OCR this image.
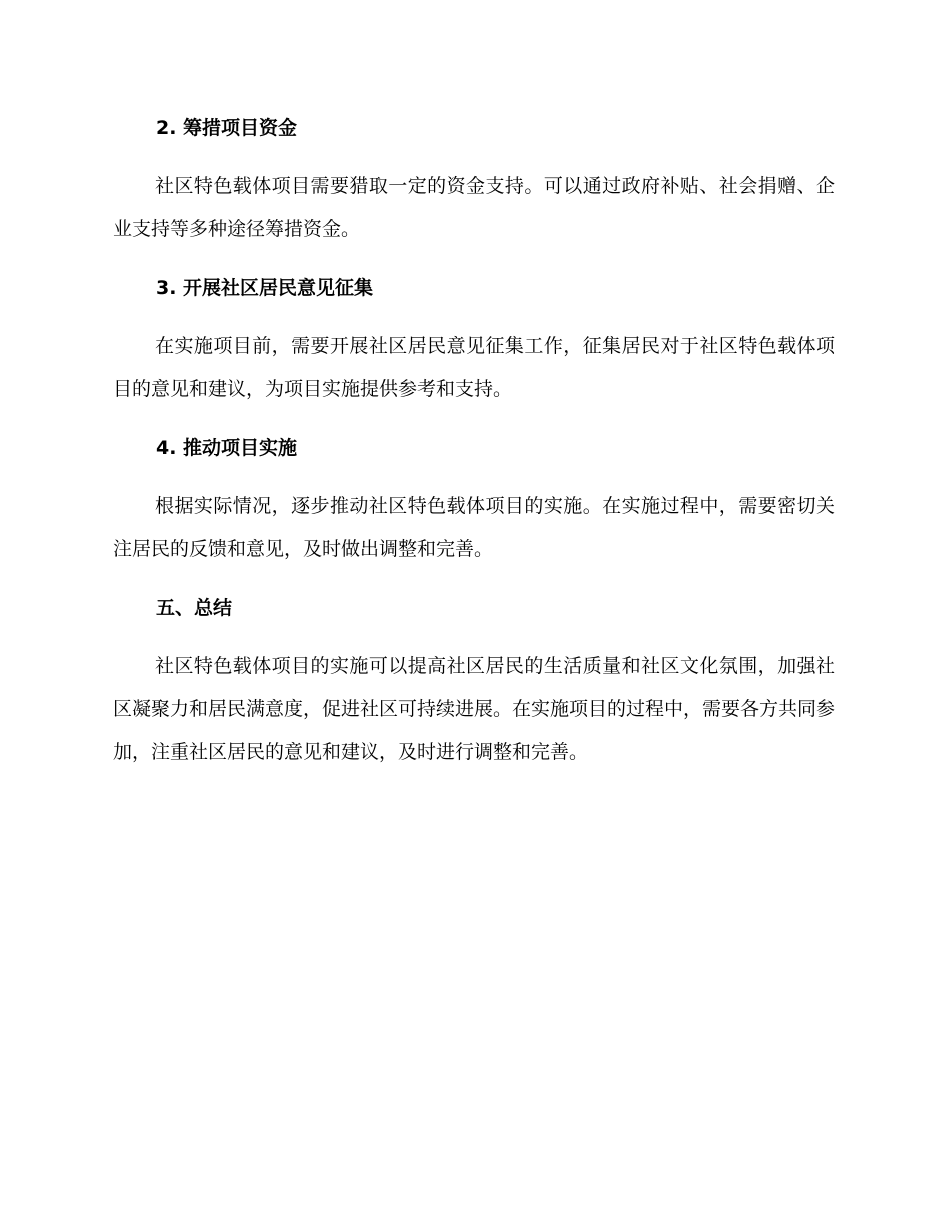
2. 筹措项目资金
社区特色载体项目需要猎取一定的资金支持。可以通过政府补贴、社会捐赠、企业支持等多种途径筹措资金。
3. 开展社区居民意见征集
在实施项目前，需要开展社区居民意见征集工作，征集居民对于社区特色载体项目的意见和建议，为项目实施提供参考和支持。
4. 推动项目实施
根据实际情况，逐步推动社区特色载体项目的实施。在实施过程中，需要密切关注居民的反馈和意见，及时做出调整和完善。
五、总结
社区特色载体项目的实施可以提高社区居民的生活质量和社区文化氛围，加强社区凝聚力和居民满意度，促进社区可持续进展。在实施项目的过程中，需要各方共同参加，注重社区居民的意见和建议，及时进行调整和完善。
